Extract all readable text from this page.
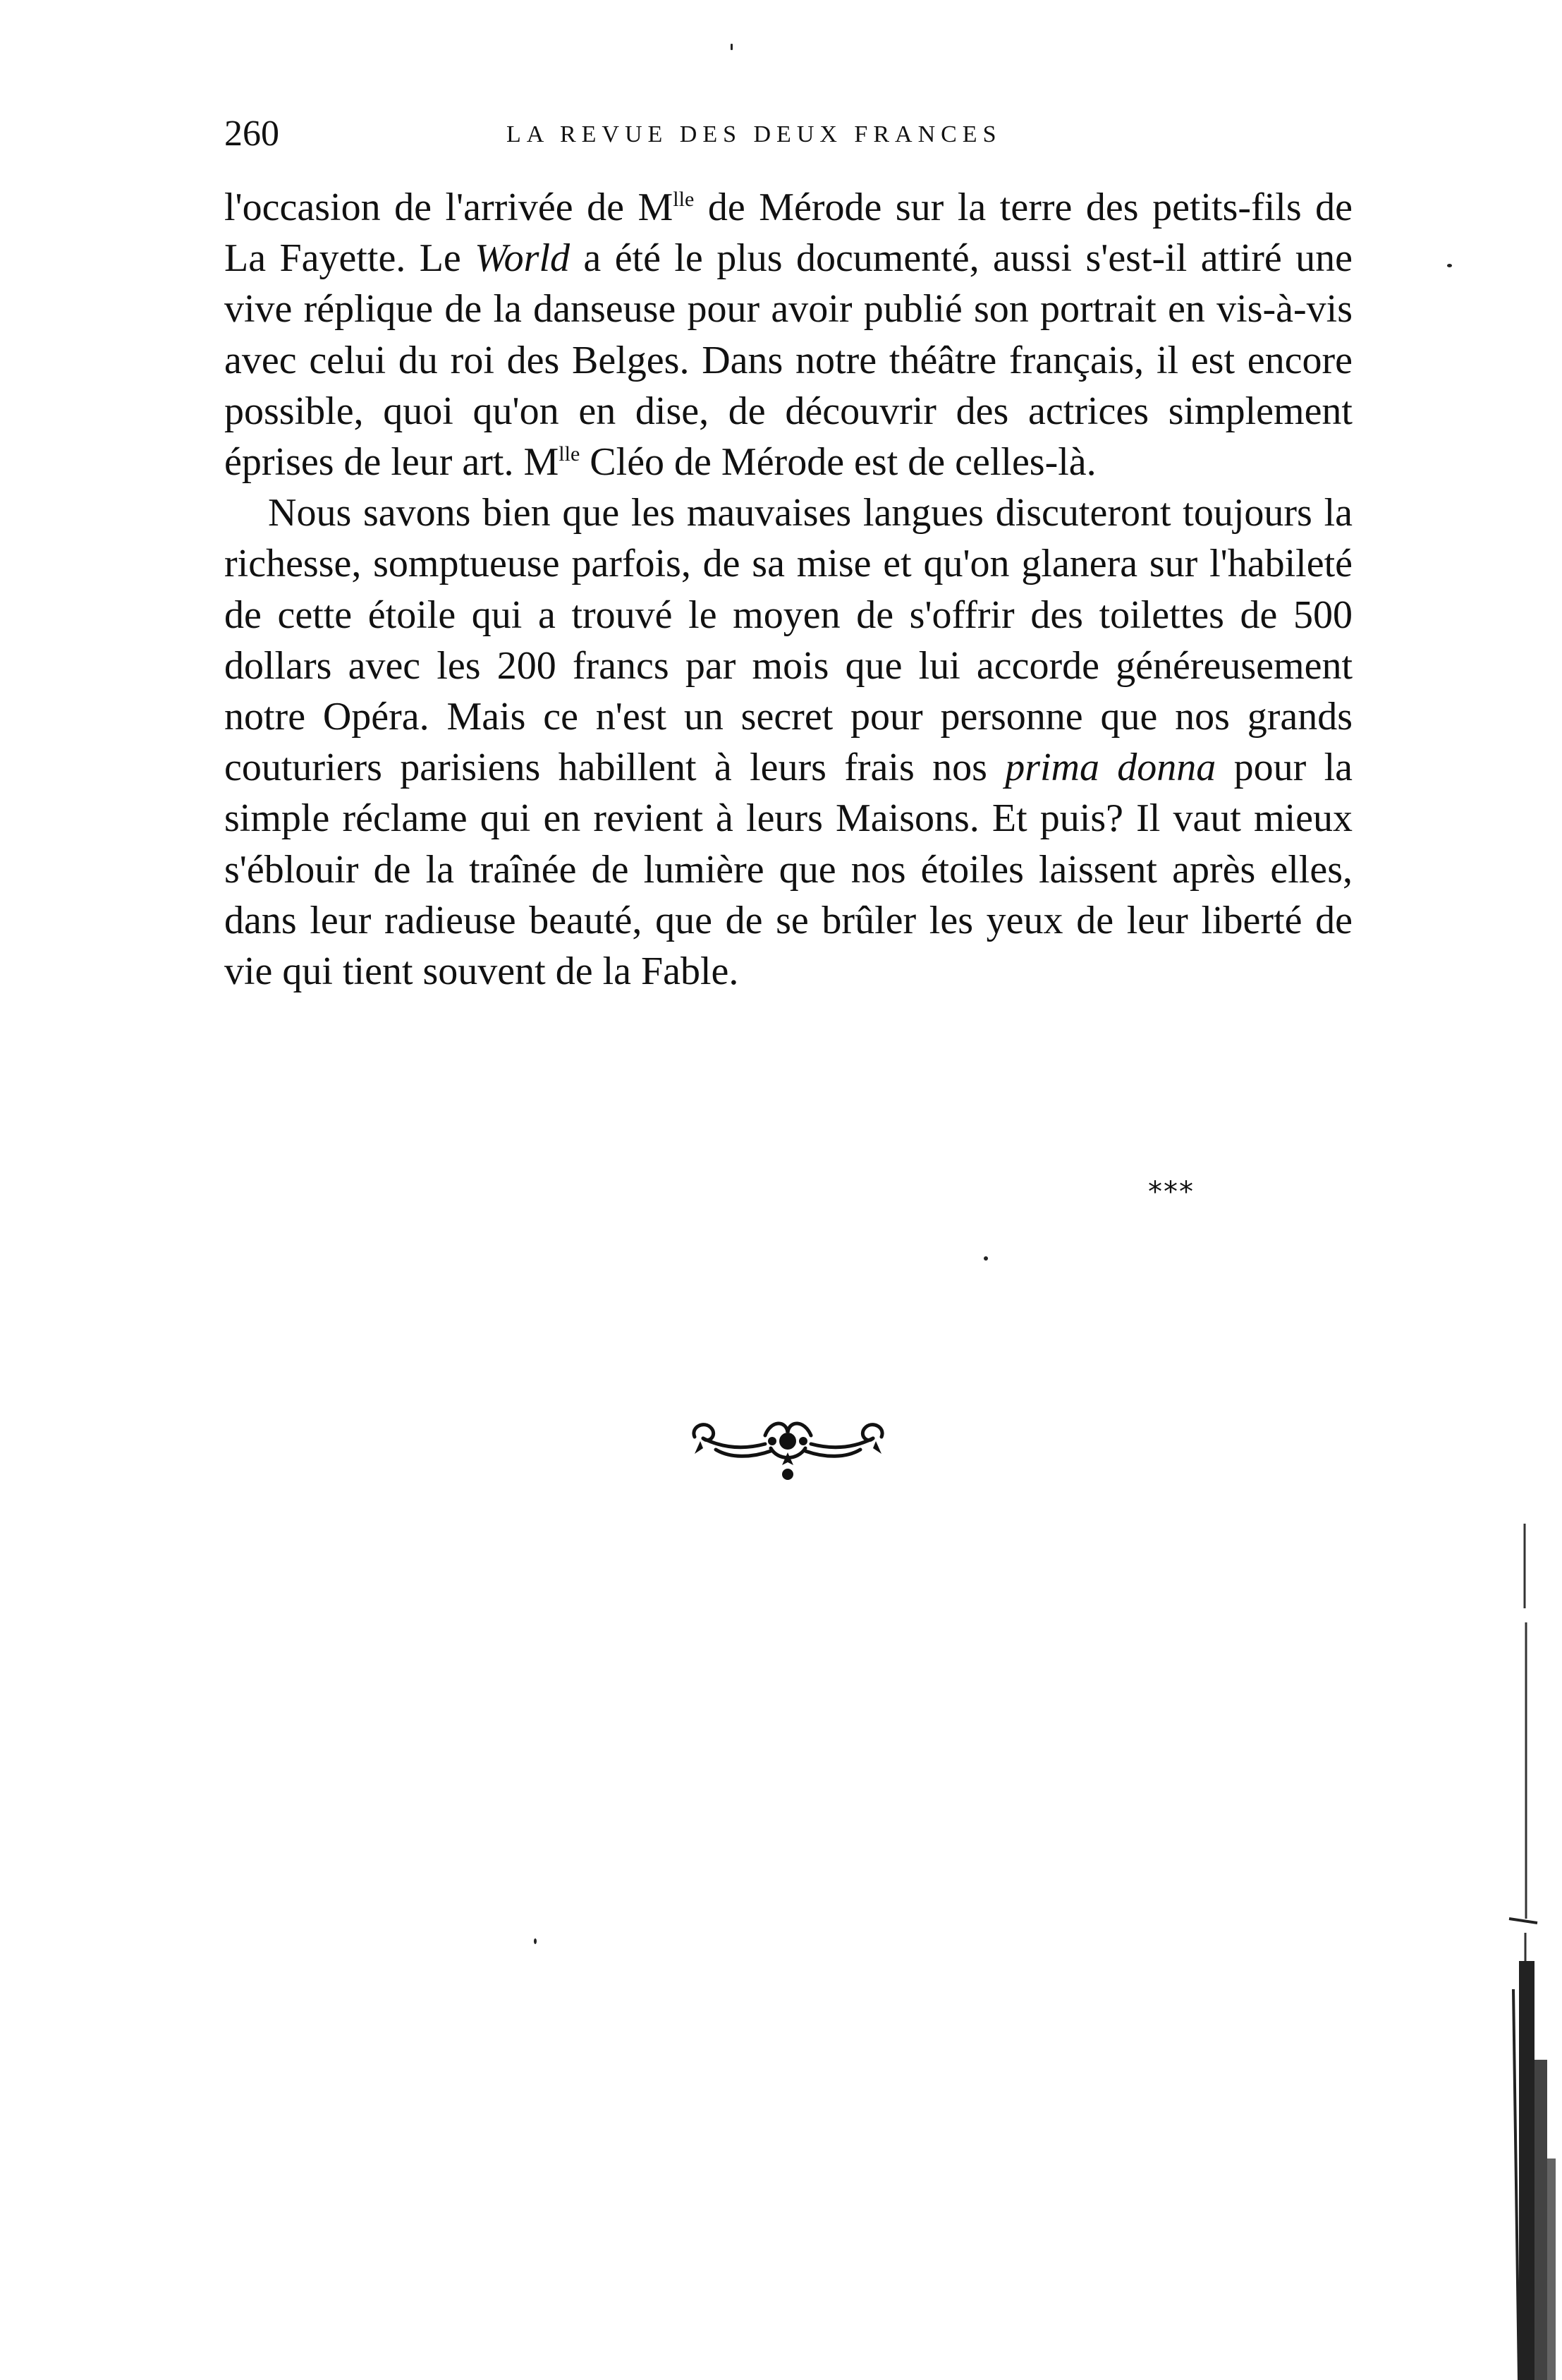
260	LA REVUE DES DEUX FRANCES

l'occasion de l'arrivée de $M^{lle}$ de Mérode sur la terre des petits-fils de La Fayette. Le World a été le plus documenté, aussi s'est-il attiré une vive réplique de la danseuse pour avoir publié son portrait en vis-à-vis avec celui du roi des Belges. Dans notre théâtre français, il est encore possible, quoi qu'on en dise, de découvrir des actrices simplement éprises de leur art. $M^{lle}$ Cléo de Mérode est de celles-là.

Nous savons bien que les mauvaises langues discuteront toujours la richesse, somptueuse parfois, de sa mise et qu'on glanera sur l'habileté de cette étoile qui a trouvé le moyen de s'offrir des toilettes de 500 dollars avec les 200 francs par mois que lui accorde généreusement notre Opéra. Mais ce n'est un secret pour personne que nos grands couturiers parisiens habillent à leurs frais nos prima donna pour la simple réclame qui en revient à leurs Maisons. Et puis? Il vaut mieux s'éblouir de la traînée de lumière que nos étoiles laissent après elles, dans leur radieuse beauté, que de se brûler les yeux de leur liberté de vie qui tient souvent de la Fable.

***
